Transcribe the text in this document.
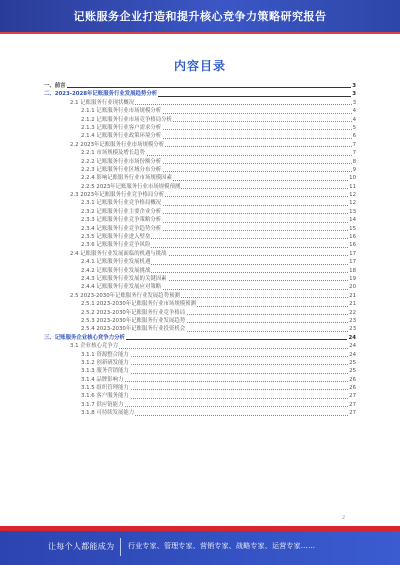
记账服务企业打造和提升核心竞争力策略研究报告
内容目录
一、前言	3
二、2023-2028年记账服务行业发展趋势分析	3
2.1 记账服务行业现状概况	3
2.1.1 记账服务行业市场规模分析	4
2.1.2 记账服务行业市场竞争格局分析	4
2.1.3 记账服务行业客户需求分析	5
2.1.4 记账服务行业政策环境分析	6
2.2 2023年记账服务行业市场规模分析	7
2.2.1 市场规模及增长趋势	7
2.2.2 记账服务行业市场份额分析	8
2.2.3 记账服务行业区域分布分析	9
2.2.4 影响记账服务行业市场规模因素	10
2.2.5 2023年记账服务行业市场规模预测	11
2.3 2023年记账服务行业竞争格局分析	12
2.3.1 记账服务行业竞争格局概况	12
2.3.2 记账服务行业主要企业分析	13
2.3.3 记账服务行业竞争策略分析	14
2.3.4 记账服务行业竞争趋势分析	15
2.3.5 记账服务行业进入壁垒	16
2.3.6 记账服务行业竞争风险	16
2.4 记账服务行业发展面临的机遇与挑战	17
2.4.1 记账服务行业发展机遇	17
2.4.2 记账服务行业发展挑战	18
2.4.3 记账服务行业发展的关键因素	19
2.4.4 记账服务行业发展应对策略	20
2.5 2023-2030年记账服务行业发展趋势预测	21
2.5.1 2023-2030年记账服务行业市场规模预测	21
2.5.2 2023-2030年记账服务行业竞争格局	22
2.5.3 2023-2030年记账服务行业发展趋势	23
2.5.4 2023-2030年记账服务行业投资机会	23
三、记账服务企业核心竞争力分析	24
3.1 企业核心竞争力	24
3.1.1 资源整合能力	24
3.1.2 创新研发能力	25
3.1.3 服务营销能力	25
3.1.4 品牌影响力	26
3.1.5 组织管理能力	26
3.1.6 客户服务能力	27
3.1.7 供应链能力	27
3.1.8 可持续发展能力	27
2
让每个人都能成为 行业专家、管理专家、营销专家、战略专家、运营专家……
